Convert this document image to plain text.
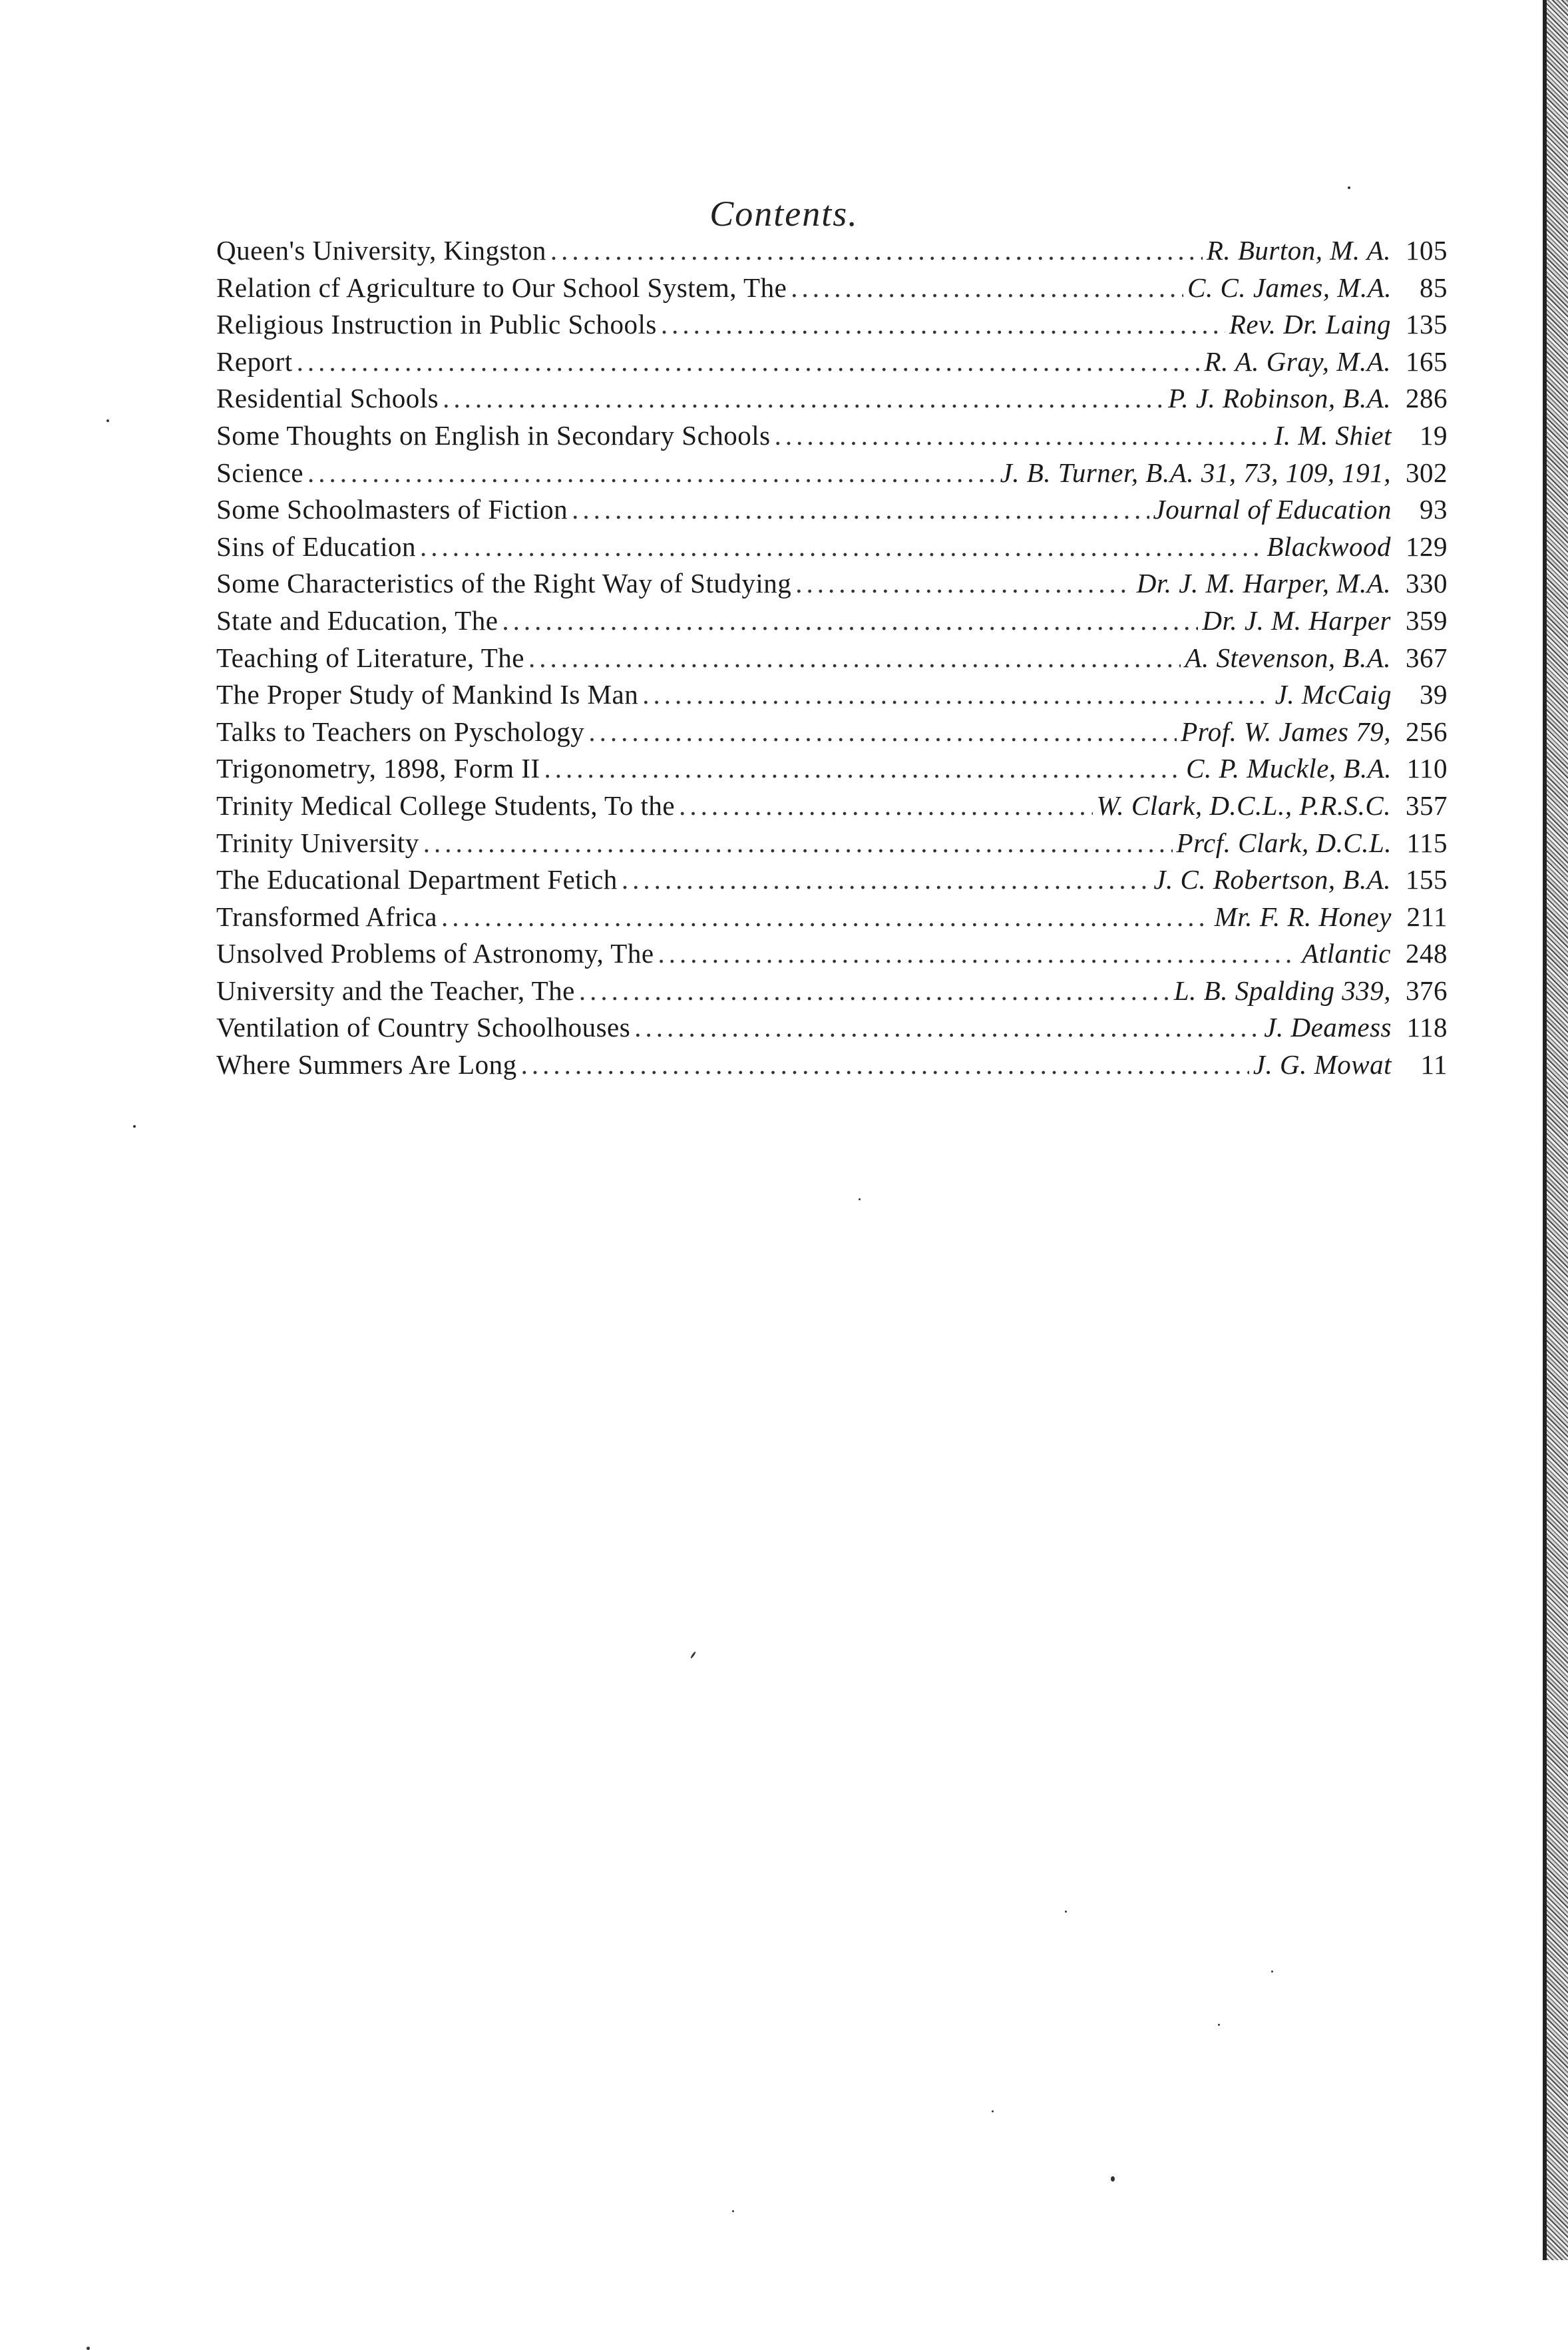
Contents.
Queen's University, Kingston .....	R. Burton, M. A. 105
Relation cf Agriculture to Our School System, The .....	C. C. James, M.A.	85
Religious Instruction in Public Schools .....	Rev. Dr. Laing 135
Report .....	R. A. Gray, M.A. 165
Residential Schools .....	P. J. Robinson, B.A. 286
Some Thoughts on English in Secondary Schools .....	I. M. Shiet	19
Science .....	J. B. Turner, B.A. 31, 73, 109, 191, 302
Some Schoolmasters of Fiction .....	Journal of Education	93
Sins of Education .....	Blackwood 129
Some Characteristics of the Right Way of Studying .....	Dr. J. M. Harper, M.A. 330
State and Education, The .....	Dr. J. M. Harper 359
Teaching of Literature, The .....	A. Stevenson, B.A. 367
The Proper Study of Mankind Is Man .....	J. McCaig	39
Talks to Teachers on Pyschology .....	Prof. W. James 79, 256
Trigonometry, 1898, Form II .....	C. P. Muckle, B.A. 110
Trinity Medical College Students, To the .....	W. Clark, D.C.L., P.R.S.C. 357
Trinity University .....	Prcf. Clark, D.C.L. 115
The Educational Department Fetich .....	J. C. Robertson, B.A. 155
Transformed Africa .....	Mr. F. R. Honey 211
Unsolved Problems of Astronomy, The .....	Atlantic 248
University and the Teacher, The .....	L. B. Spalding 339, 376
Ventilation of Country Schoolhouses .....	J. Deamess 118
Where Summers Are Long .....	J. G. Mowat	11
